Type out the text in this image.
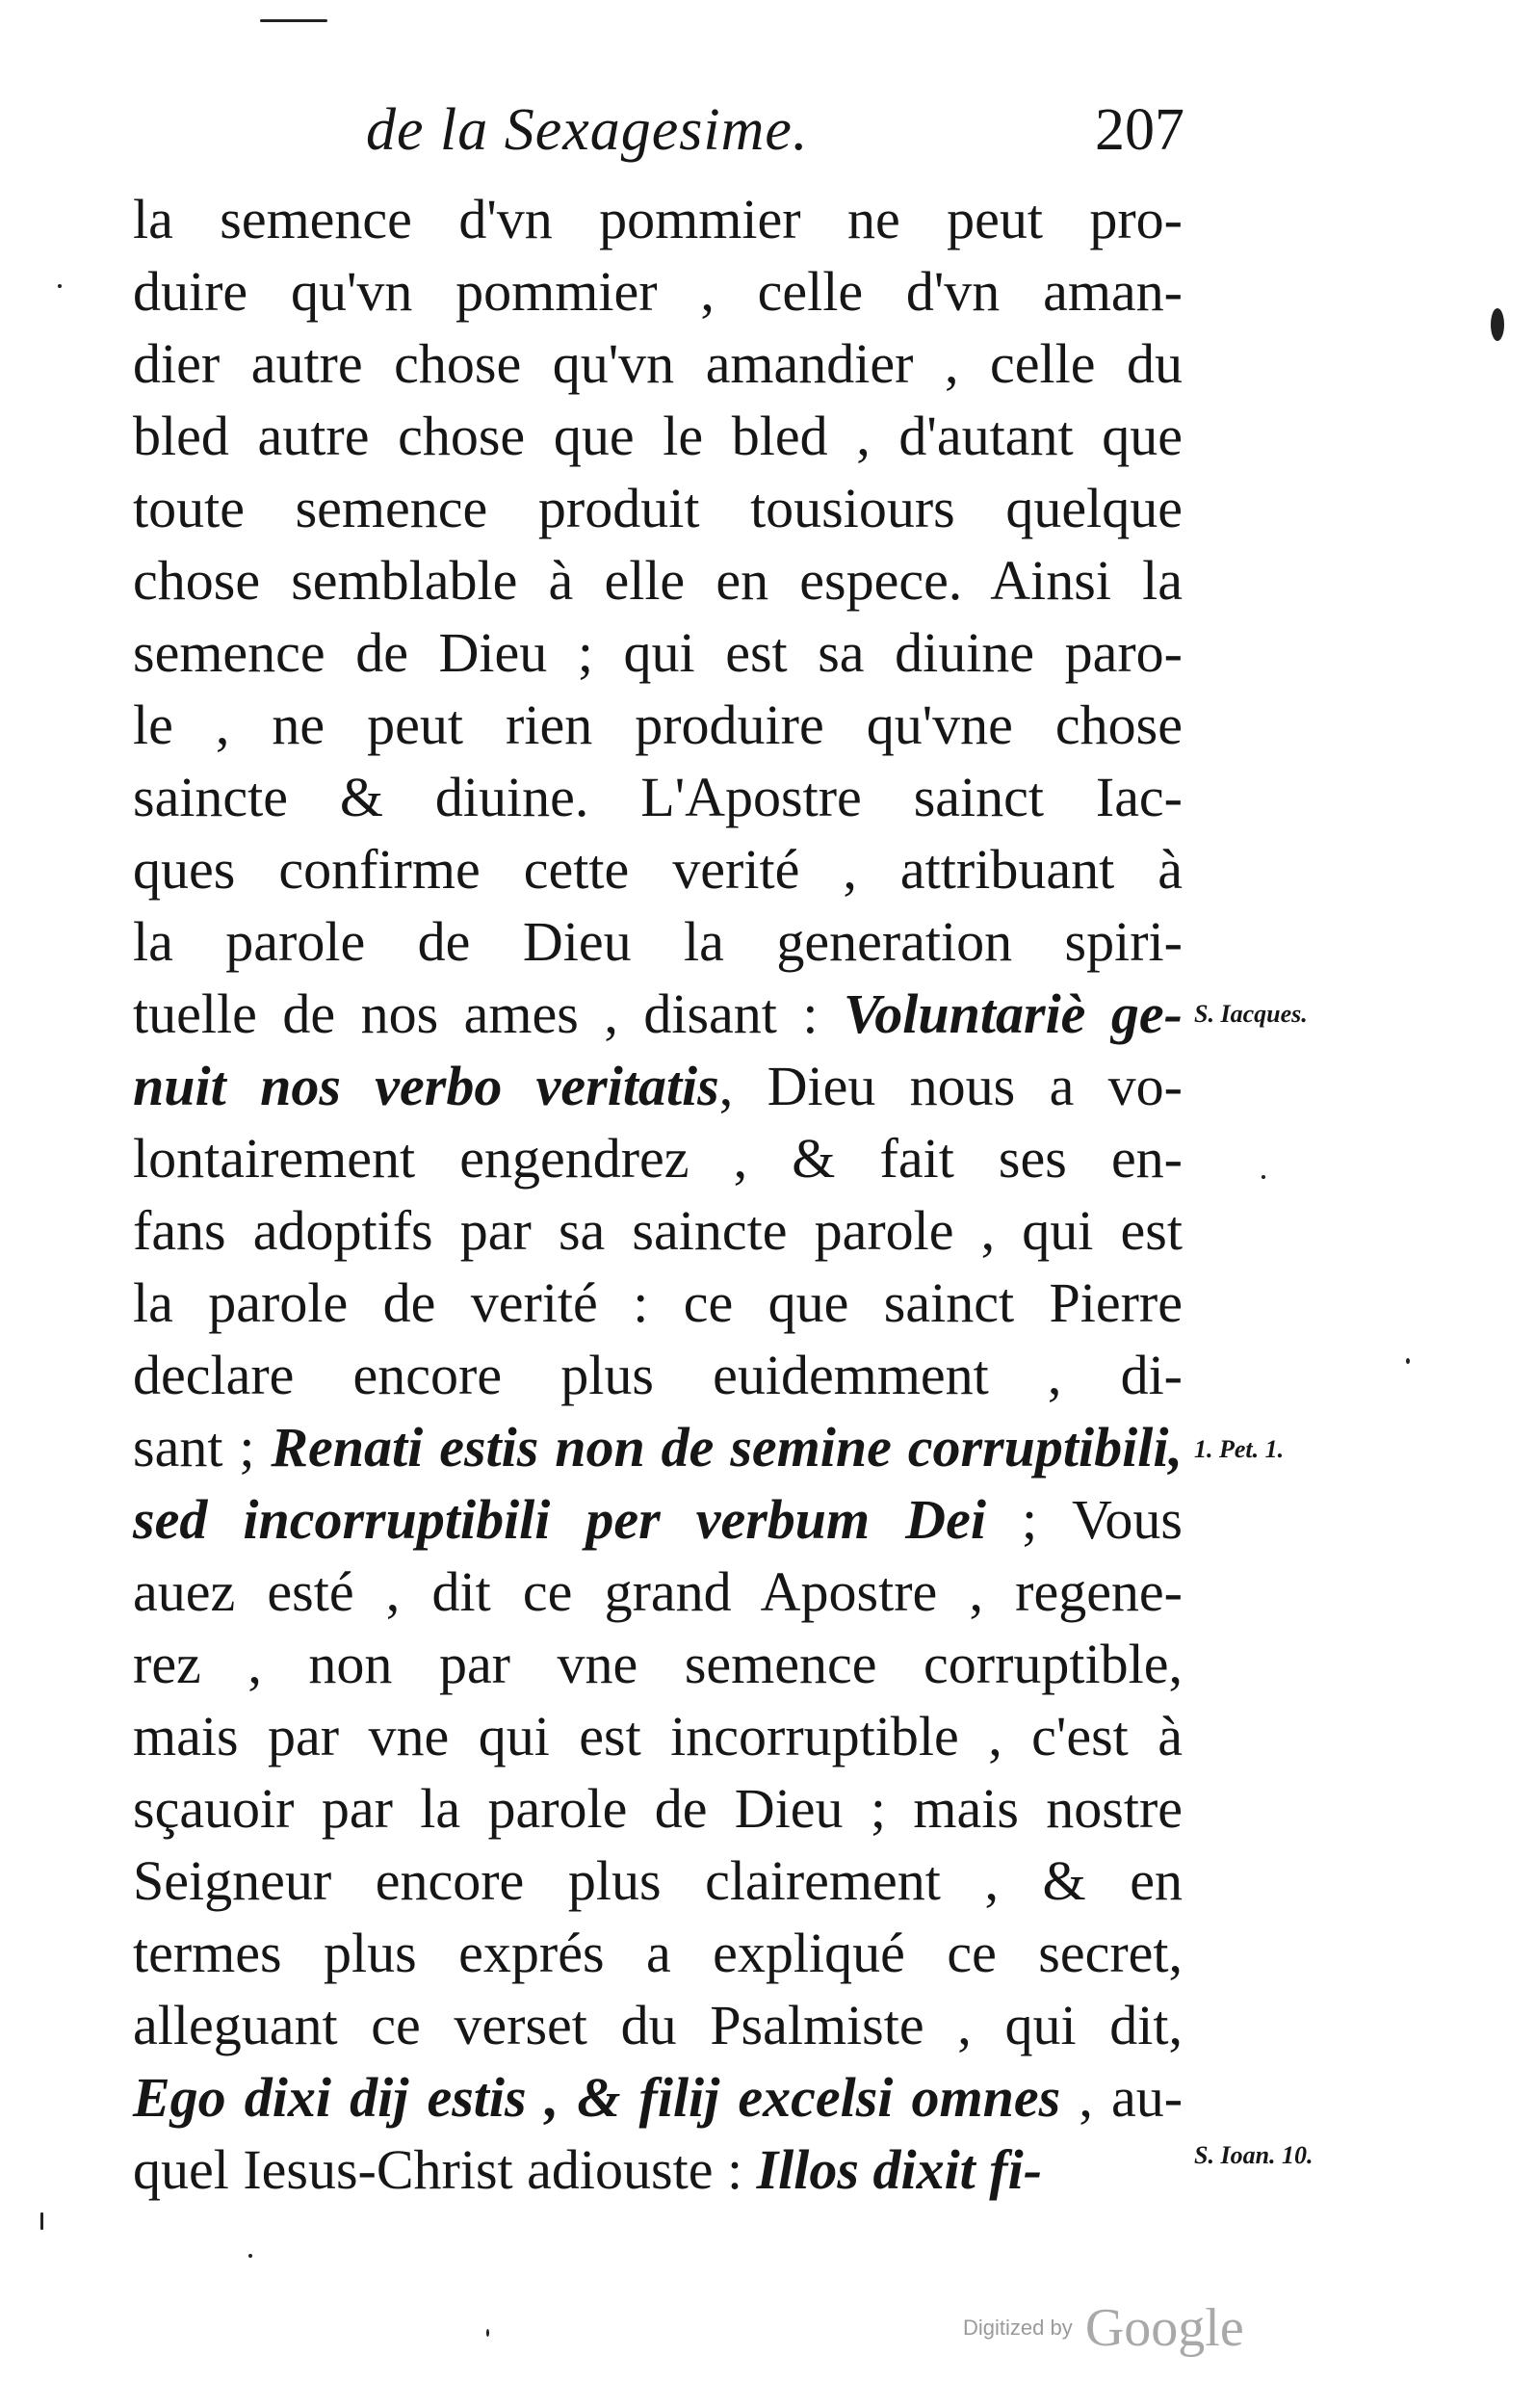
de la Sexagesime.	207
la semence d'vn pommier ne peut pro-
duire qu'vn pommier , celle d'vn aman-
dier autre chose qu'vn amandier , celle du
bled autre chose que le bled , d'autant que
toute semence produit tousiours quelque
chose semblable à elle en espece. Ainsi la
semence de Dieu ; qui est sa diuine paro-
le , ne peut rien produire qu'vne chose
saincte & diuine. L'Apostre sainct Iac-
ques confirme cette verité , attribuant à
la parole de Dieu la generation spiri-
tuelle de nos ames , disant : Voluntariè ge-
nuit nos verbo veritatis, Dieu nous a vo-
lontairement engendrez , & fait ses en-
fans adoptifs par sa saincte parole , qui est
la parole de verité : ce que sainct Pierre
declare encore plus euidemment , di-
sant ; Renati estis non de semine corruptibili,
sed incorruptibili per verbum Dei ; Vous
auez esté , dit ce grand Apostre , regene-
rez , non par vne semence corruptible,
mais par vne qui est incorruptible , c'est à
sçauoir par la parole de Dieu ; mais nostre
Seigneur encore plus clairement , & en
termes plus exprés a expliqué ce secret,
alleguant ce verset du Psalmiste , qui dit,
Ego dixi dij estis , & filij excelsi omnes , au-
quel Iesus-Christ adiouste : Illos dixit fi-
S. Iacques.
1. Pet. 1.
S. Ioan. 10.
Digitized by Google
